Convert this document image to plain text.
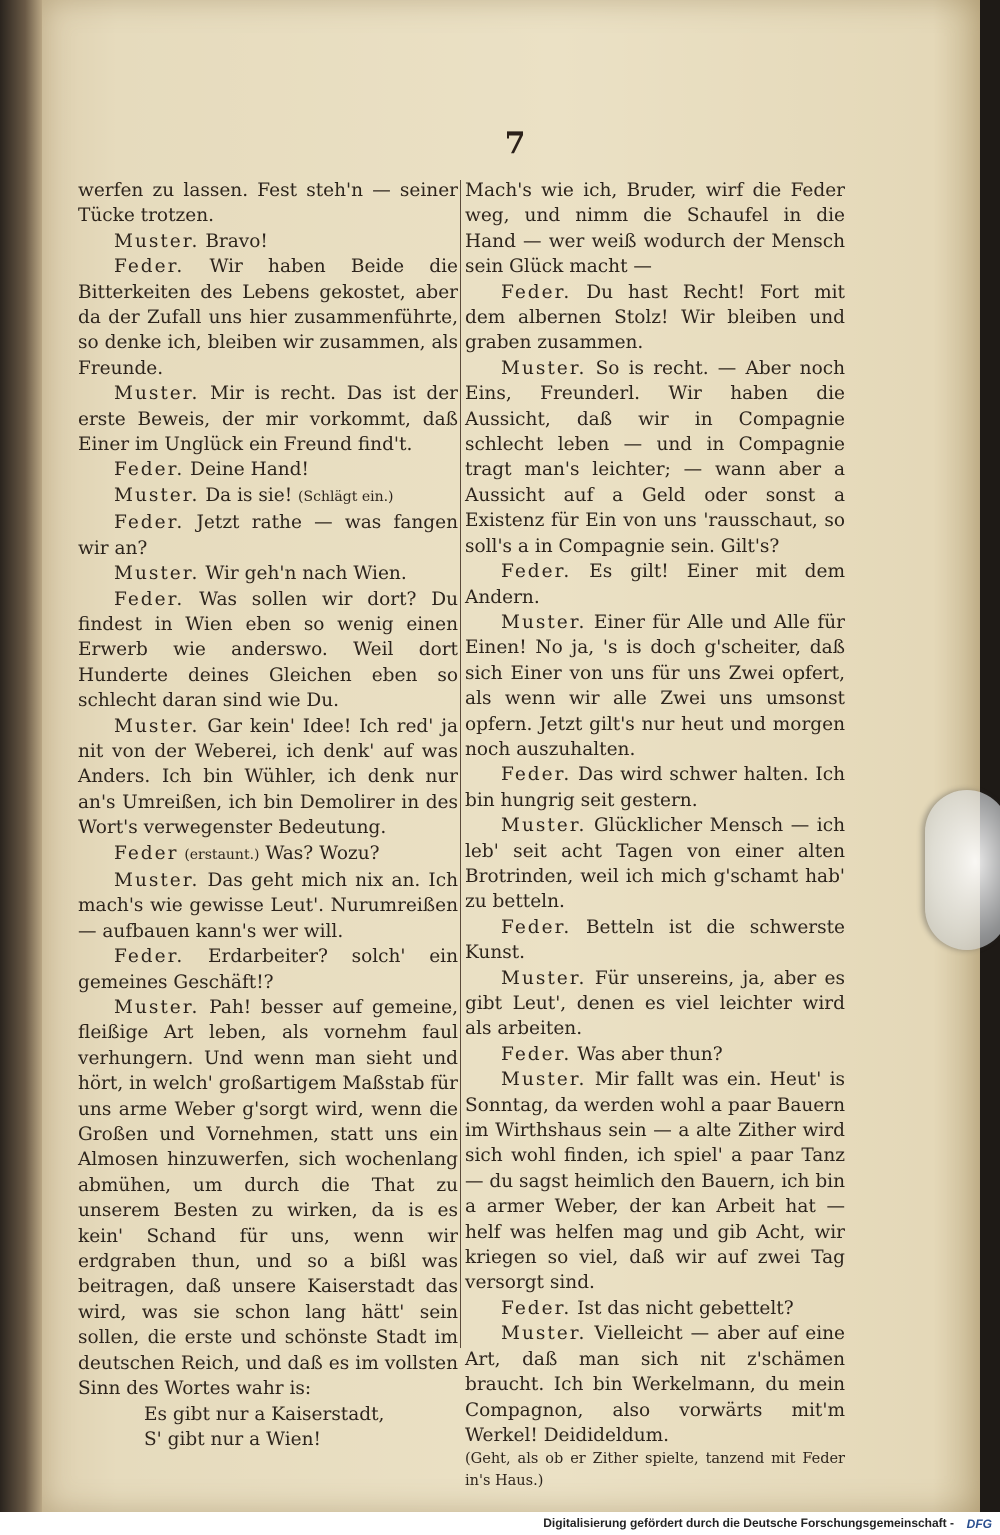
7

werfen zu lassen. Fest steh'n — seiner Tücke trotzen.

Muster. Bravo!

Feder. Wir haben Beide die Bitterkeiten des Lebens gekostet, aber da der Zufall uns hier zusammenführte, so denke ich, bleiben wir zusammen, als Freunde.

Muster. Mir is recht. Das ist der erste Beweis, der mir vorkommt, daß Einer im Unglück ein Freund find't.

Feder. Deine Hand!

Muster. Da is sie! (Schlägt ein.)

Feder. Jetzt rathe — was fangen wir an?

Muster. Wir geh'n nach Wien.

Feder. Was sollen wir dort? Du findest in Wien eben so wenig einen Erwerb wie anderswo. Weil dort Hunderte deines Gleichen eben so schlecht daran sind wie Du.

Muster. Gar kein' Idee! Ich red' ja nit von der Weberei, ich denk' auf was Anders. Ich bin Wühler, ich denk nur an's Umreißen, ich bin Demolirer in des Wort's verwegenster Bedeutung.

Feder (erstaunt.) Was? Wozu?

Muster. Das geht mich nix an. Ich mach's wie gewisse Leut'. Nurumreißen — aufbauen kann's wer will.

Feder. Erdarbeiter? solch' ein gemeines Geschäft!?

Muster. Pah! besser auf gemeine, fleißige Art leben, als vornehm faul verhungern. Und wenn man sieht und hört, in welch' großartigem Maßstab für uns arme Weber g'sorgt wird, wenn die Großen und Vornehmen, statt uns ein Almosen hinzuwerfen, sich wochenlang abmühen, um durch die That zu unserem Besten zu wirken, da is es kein' Schand für uns, wenn wir erdgraben thun, und so a bißl was beitragen, daß unsere Kaiserstadt das wird, was sie schon lang hätt' sein sollen, die erste und schönste Stadt im deutschen Reich, und daß es im vollsten Sinn des Wortes wahr is:

Es gibt nur a Kaiserstadt,

S' gibt nur a Wien!

Mach's wie ich, Bruder, wirf die Feder weg, und nimm die Schaufel in die Hand — wer weiß wodurch der Mensch sein Glück macht —

Feder. Du hast Recht! Fort mit dem albernen Stolz! Wir bleiben und graben zusammen.

Muster. So is recht. — Aber noch Eins, Freunderl. Wir haben die Aussicht, daß wir in Compagnie schlecht leben — und in Compagnie tragt man's leichter; — wann aber a Aussicht auf a Geld oder sonst a Existenz für Ein von uns 'rausschaut, so soll's a in Compagnie sein. Gilt's?

Feder. Es gilt! Einer mit dem Andern.

Muster. Einer für Alle und Alle für Einen! No ja, 's is doch g'scheiter, daß sich Einer von uns für uns Zwei opfert, als wenn wir alle Zwei uns umsonst opfern. Jetzt gilt's nur heut und morgen noch auszuhalten.

Feder. Das wird schwer halten. Ich bin hungrig seit gestern.

Muster. Glücklicher Mensch — ich leb' seit acht Tagen von einer alten Brotrinden, weil ich mich g'schamt hab' zu betteln.

Feder. Betteln ist die schwerste Kunst.

Muster. Für unsereins, ja, aber es gibt Leut', denen es viel leichter wird als arbeiten.

Feder. Was aber thun?

Muster. Mir fallt was ein. Heut' is Sonntag, da werden wohl a paar Bauern im Wirthshaus sein — a alte Zither wird sich wohl finden, ich spiel' a paar Tanz — du sagst heimlich den Bauern, ich bin a armer Weber, der kan Arbeit hat — helf was helfen mag und gib Acht, wir kriegen so viel, daß wir auf zwei Tag versorgt sind.

Feder. Ist das nicht gebettelt?

Muster. Vielleicht — aber auf eine Art, daß man sich nit z'schämen braucht. Ich bin Werkelmann, du mein Compagnon, also vorwärts mit'm Werkel! Deidideldum.

(Geht, als ob er Zither spielte, tanzend mit Feder in's Haus.)

Digitalisierung gefördert durch die Deutsche Forschungsgemeinschaft - DFG
